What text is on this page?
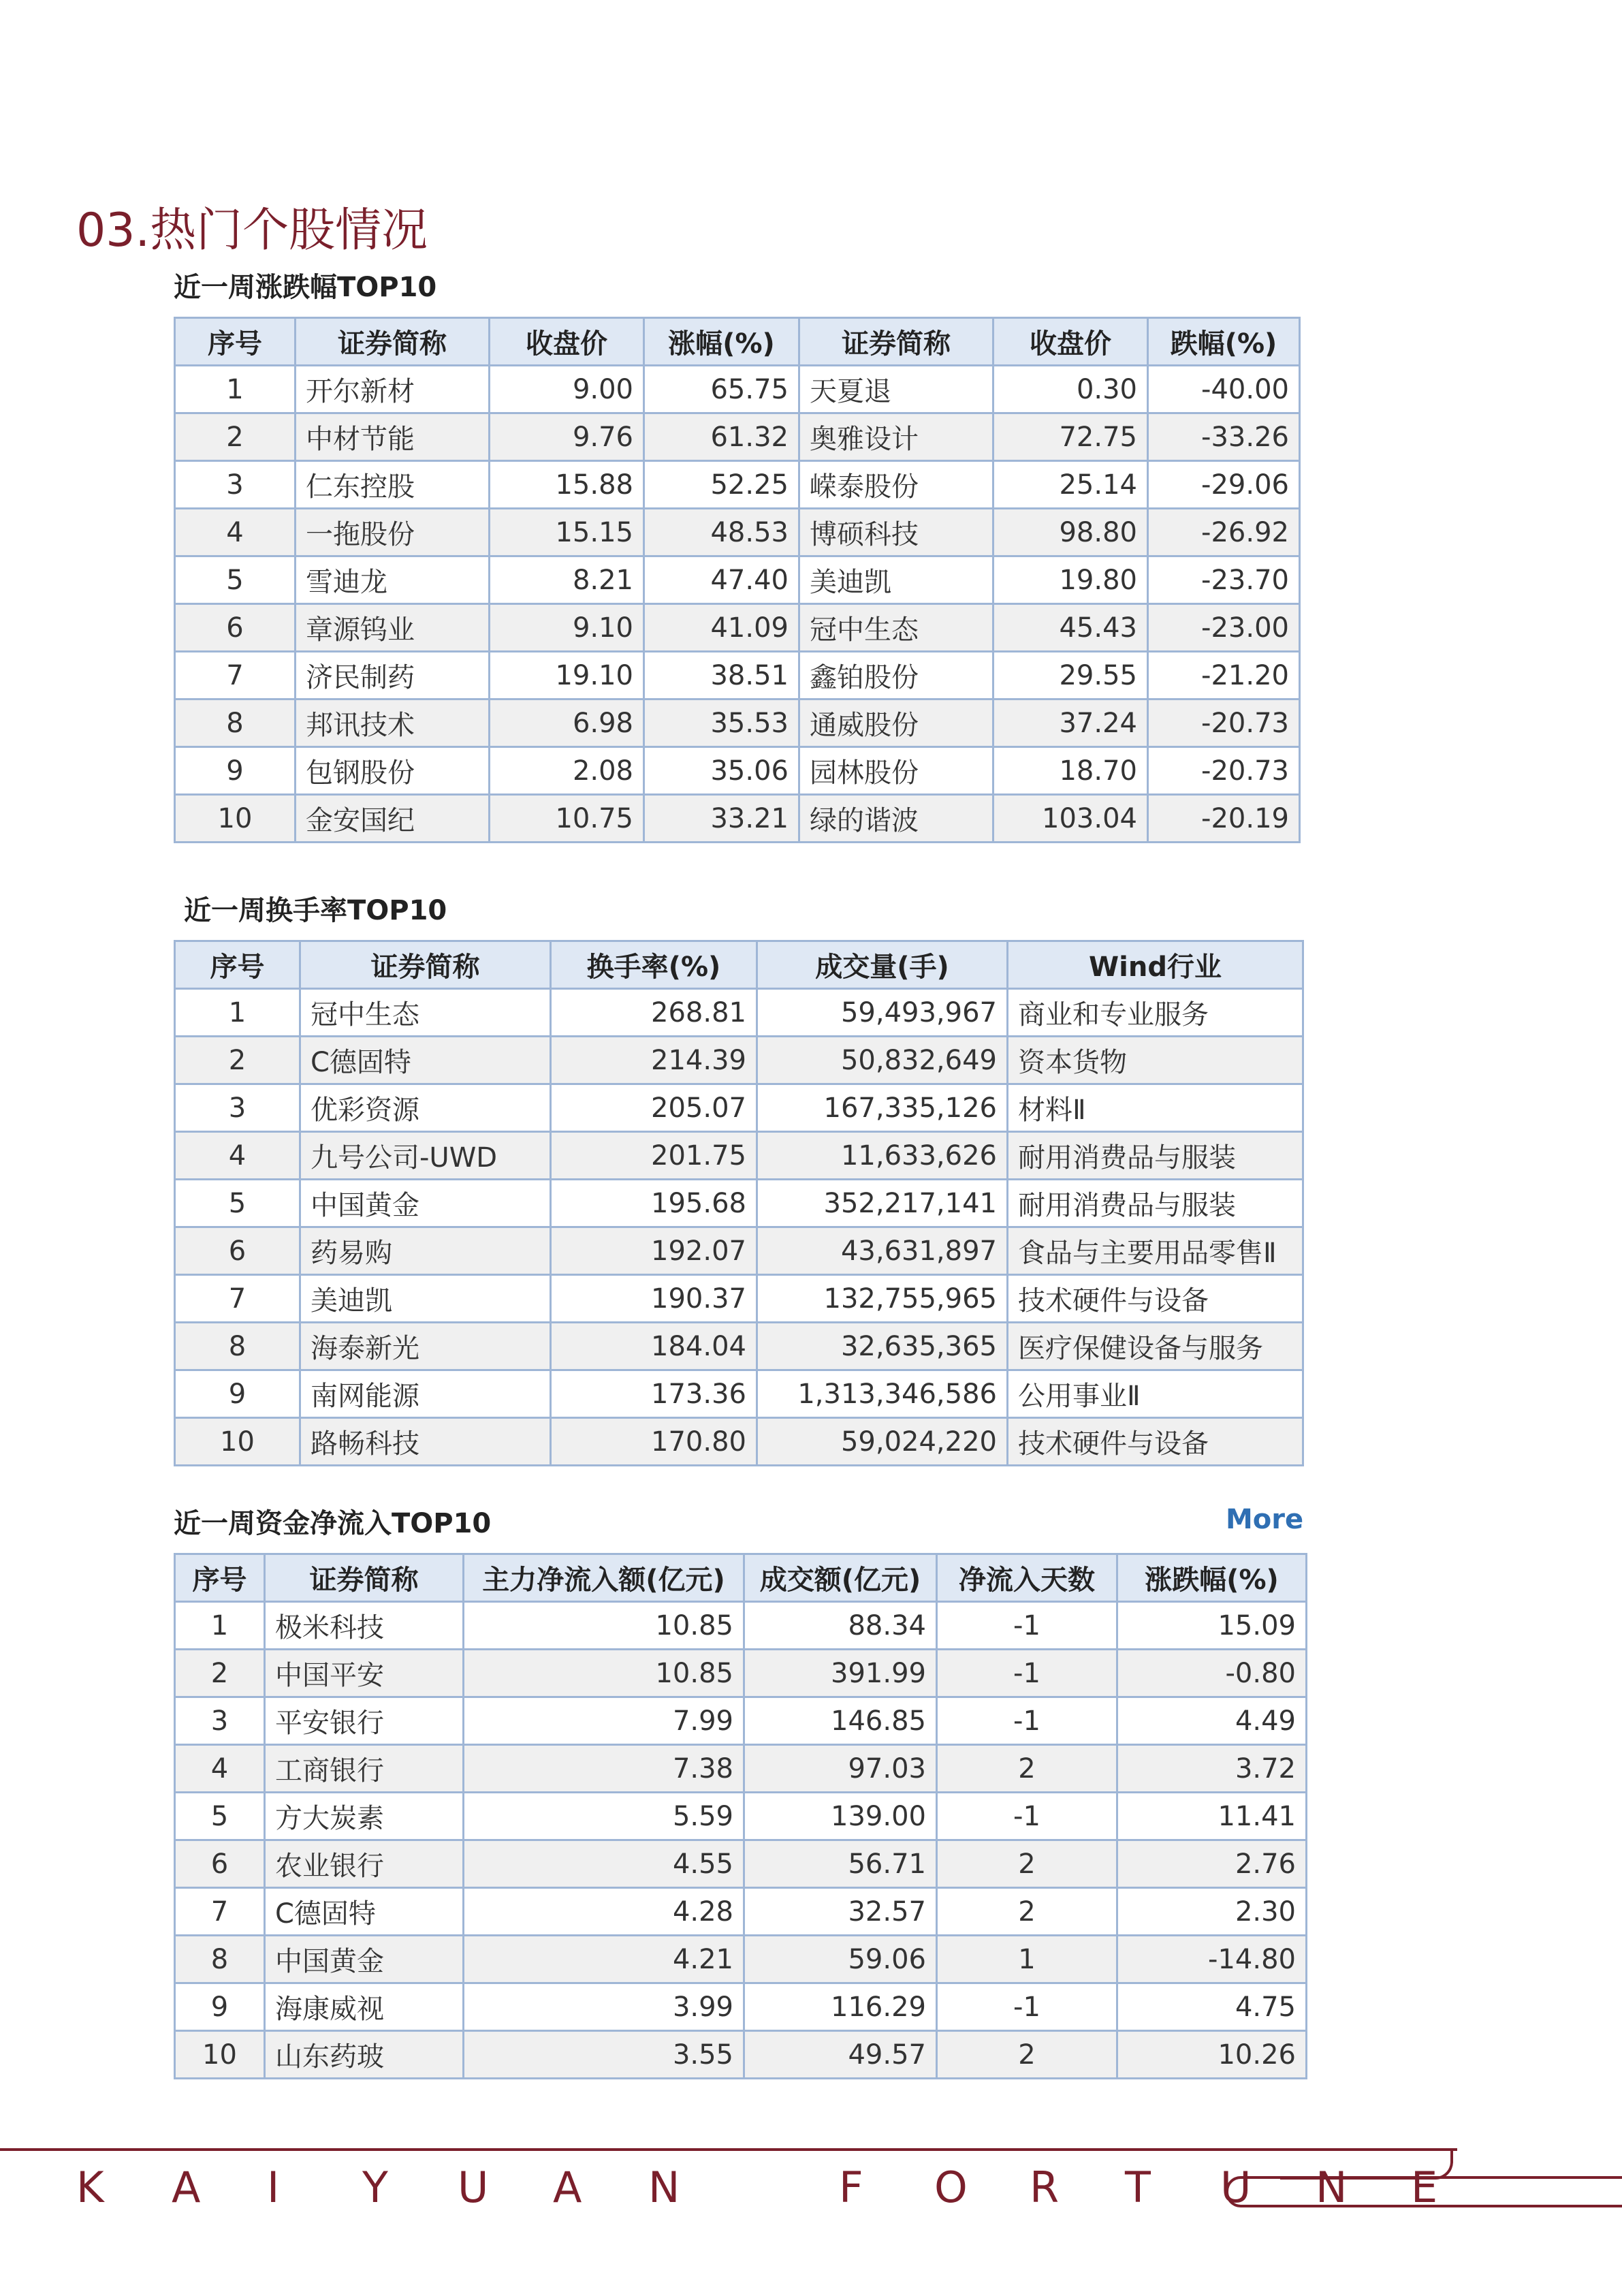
03.热门个股情况
近一周涨跌幅TOP10
序号	证券简称	收盘价	涨幅(%)	证券简称	收盘价	跌幅(%)
1	开尔新材	9.00	65.75	天夏退	0.30	-40.00
2	中材节能	9.76	61.32	奥雅设计	72.75	-33.26
3	仁东控股	15.88	52.25	嵘泰股份	25.14	-29.06
4	一拖股份	15.15	48.53	博硕科技	98.80	-26.92
5	雪迪龙	8.21	47.40	美迪凯	19.80	-23.70
6	章源钨业	9.10	41.09	冠中生态	45.43	-23.00
7	济民制药	19.10	38.51	鑫铂股份	29.55	-21.20
8	邦讯技术	6.98	35.53	通威股份	37.24	-20.73
9	包钢股份	2.08	35.06	园林股份	18.70	-20.73
10	金安国纪	10.75	33.21	绿的谐波	103.04	-20.19
近一周换手率TOP10
序号	证券简称	换手率(%)	成交量(手)	Wind行业
1	冠中生态	268.81	59,493,967	商业和专业服务
2	C德固特	214.39	50,832,649	资本货物
3	优彩资源	205.07	167,335,126	材料Ⅱ
4	九号公司-UWD	201.75	11,633,626	耐用消费品与服装
5	中国黄金	195.68	352,217,141	耐用消费品与服装
6	药易购	192.07	43,631,897	食品与主要用品零售Ⅱ
7	美迪凯	190.37	132,755,965	技术硬件与设备
8	海泰新光	184.04	32,635,365	医疗保健设备与服务
9	南网能源	173.36	1,313,346,586	公用事业Ⅱ
10	路畅科技	170.80	59,024,220	技术硬件与设备
近一周资金净流入TOP10	More
序号	证券简称	主力净流入额(亿元)	成交额(亿元)	净流入天数	涨跌幅(%)
1	极米科技	10.85	88.34	-1	15.09
2	中国平安	10.85	391.99	-1	-0.80
3	平安银行	7.99	146.85	-1	4.49
4	工商银行	7.38	97.03	2	3.72
5	方大炭素	5.59	139.00	-1	11.41
6	农业银行	4.55	56.71	2	2.76
7	C德固特	4.28	32.57	2	2.30
8	中国黄金	4.21	59.06	1	-14.80
9	海康威视	3.99	116.29	-1	4.75
10	山东药玻	3.55	49.57	2	10.26
K A I Y U A N	F O R T U N E
